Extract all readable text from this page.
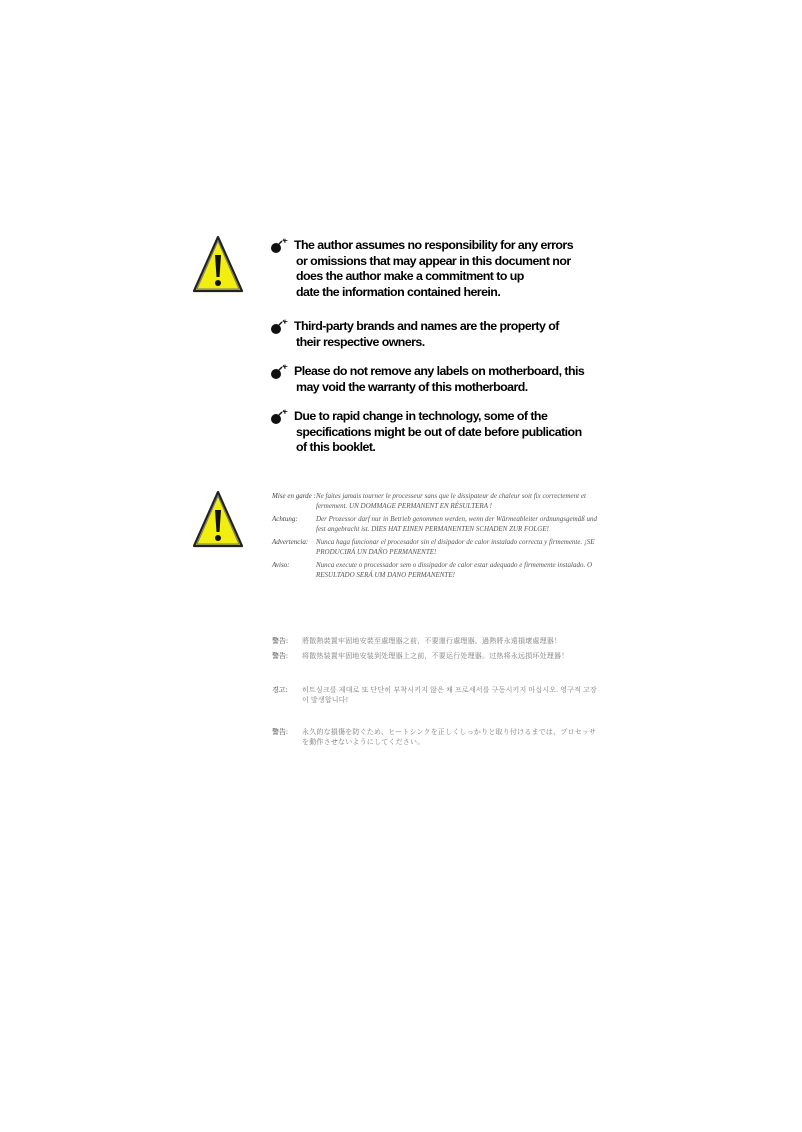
The author assumes no responsibility for any errors
or omissions that may appear in this document nor
does the author make a commitment to up
date the information contained herein.
Third-party brands and names are the property of
their respective owners.
Please do not remove any labels on motherboard, this
may void the warranty of this motherboard.
Due to rapid change in technology, some of the
specifications might be out of date before publication
of this booklet.
Mise en garde : Ne faites jamais tourner le processeur sans que le dissipateur de chaleur soit fix correctement et fermement. UN DOMMAGE PERMANENT EN RÉSULTERA !
Achtung:	Der Prozessor darf nur in Betrieb genommen werden, wenn der Wärmeableiter ordnungsgemäß und fest angebracht ist. DIES HAT EINEN PERMANENTEN SCHADEN ZUR FOLGE!
Advertencia:	Nunca haga funcionar el procesador sin el disipador de calor instalado correcta y firmemente. ¡SE PRODUCIRÁ UN DAÑO PERMANENTE!
Aviso:	Nunca execute o processador sem o dissipador de calor estar adequado e firmemente instalado. O RESULTADO SERÁ UM DANO PERMANENTE!
警告:	將散熱裝置牢固地安裝至處理器之前，不要運行處理器。過熱將永遠損壞處理器！
警告:	将散热装置牢固地安装到处理器上之前，不要运行处理器。过热将永远损坏处理器！
경고:	히트싱크를 제대로 또 단단히 부착시키지 않은 채 프로세서를 구동시키지 마십시오. 영구적 고장이 발생합니다!
警告:	永久的な損傷を防ぐため、ヒートシンクを正しくしっかりと取り付けるまでは、プロセッサを動作させないようにしてください。
